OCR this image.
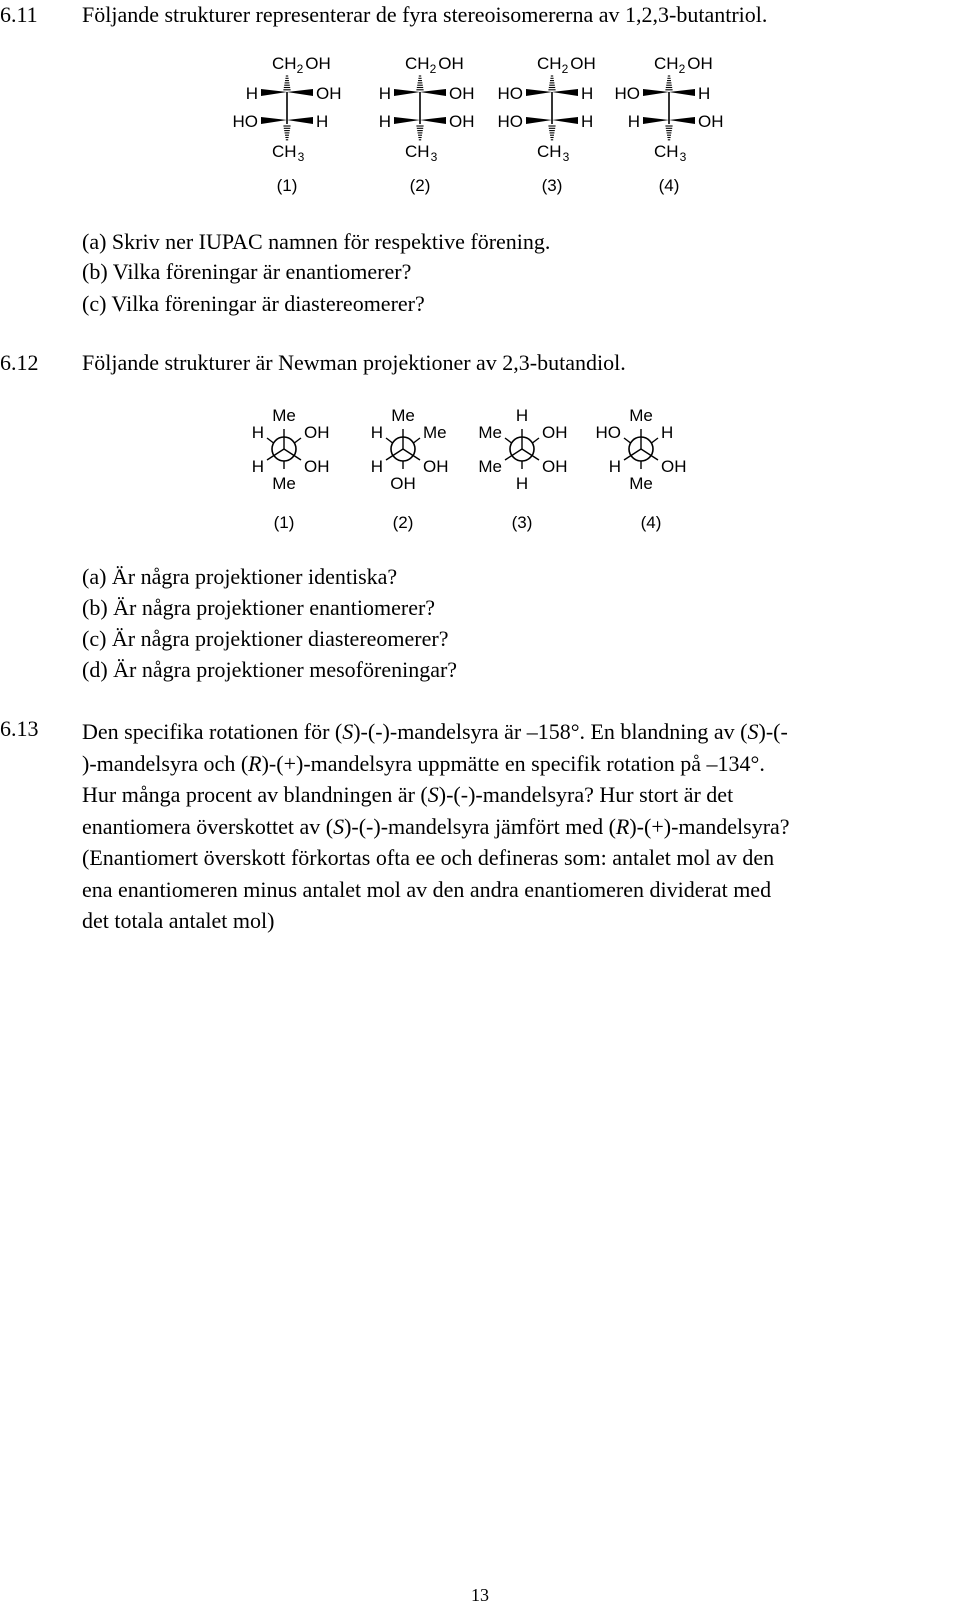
6.11 Följande strukturer representerar de fyra stereoisomererna av 1,2,3-butantriol.
$CH_2$ OH
H	OH
HO	H
$CH_3$
(1)
$CH_2$ OH
H	OH
H	OH
$CH_3$
(2)
$CH_2$ OH
HO	H
HO	H
$CH_3$
(3)
$CH_2$ OH
HO	H
H	OH
$CH_3$
(4)
(a) Skriv ner IUPAC namnen för respektive förening.
(b) Vilka föreningar är enantiomerer?
(c) Vilka föreningar är diastereomerer?
6.12 Följande strukturer är Newman projektioner av 2,3-butandiol.
Me
H OH
H OH
Me
(1)
Me
H Me
H OH
OH
(2)
H
Me OH
Me OH
H
(3)
Me
HO H
H OH
Me
(4)
(a) Är några projektioner identiska?
(b) Är några projektioner enantiomerer?
(c) Är några projektioner diastereomerer?
(d) Är några projektioner mesoföreningar?
6.13 Den specifika rotationen för (S)-(-)-mandelsyra är –158°. En blandning av (S)-(-
)-mandelsyra och (R)-(+)-mandelsyra uppmätte en specifik rotation på –134°.
Hur många procent av blandningen är (S)-(-)-mandelsyra? Hur stort är det
enantiomera överskottet av (S)-(-)-mandelsyra jämfört med (R)-(+)-mandelsyra?
(Enantiomert överskott förkortas ofta ee och defineras som: antalet mol av den
ena enantiomeren minus antalet mol av den andra enantiomeren dividerat med
det totala antalet mol)
13
